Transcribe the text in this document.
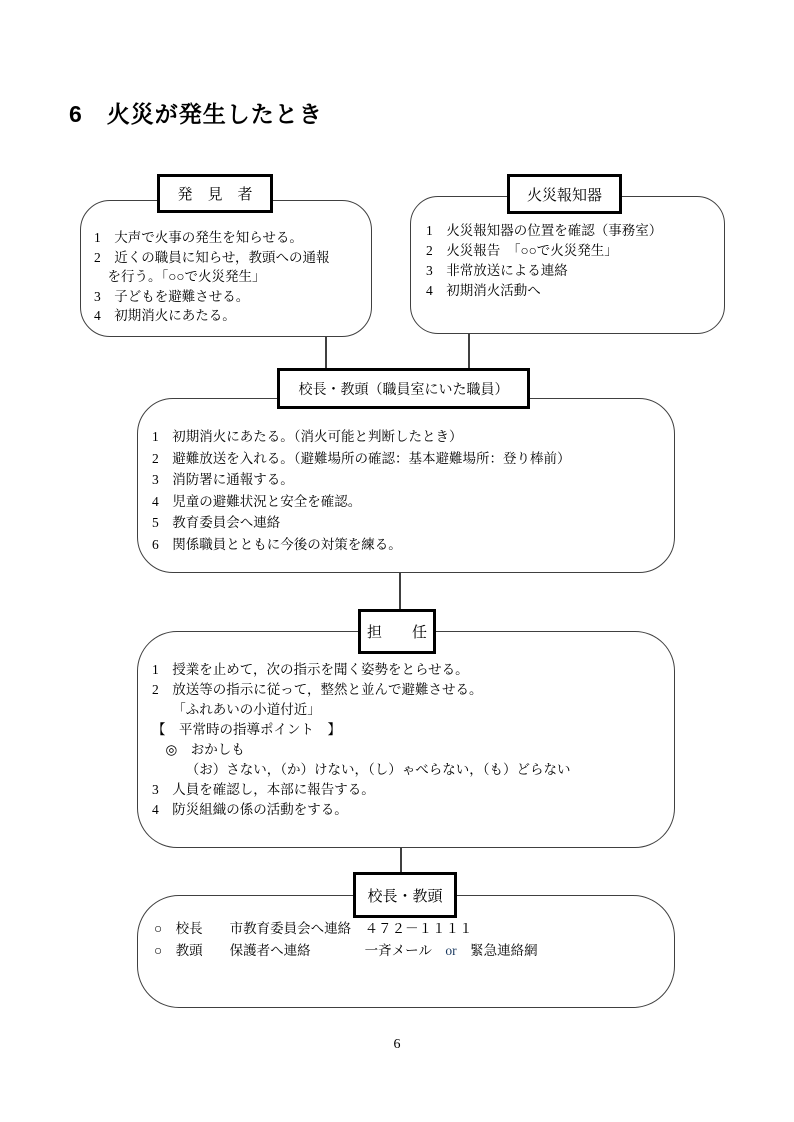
6　火災が発生したとき
1　大声で火事の発生を知らせる。
2　近くの職員に知らせ，教頭への通報
　を行う。「○○で火災発生」
3　子どもを避難させる。
4　初期消火にあたる。
発　見　者
1　火災報知器の位置を確認（事務室）
2　火災報告　「○○で火災発生」
3　非常放送による連絡
4　初期消火活動へ
火災報知器
1　初期消火にあたる。（消火可能と判断したとき）
2　避難放送を入れる。（避難場所の確認：基本避難場所：登り棒前）
3　消防署に通報する。
4　児童の避難状況と安全を確認。
5　教育委員会へ連絡
6　関係職員とともに今後の対策を練る。
校長・教頭（職員室にいた職員）
1　授業を止めて，次の指示を聞く姿勢をとらせる。
2　放送等の指示に従って，整然と並んで避難させる。
　　「ふれあいの小道付近」
【　平常時の指導ポイント　】
　◎　おかしも
　　　（お）さない，（か）けない，（し）ゃべらない，（も）どらない
3　人員を確認し，本部に報告する。
4　防災組織の係の活動をする。
担　　任
○　校長　　市教育委員会へ連絡　４７２－１１１１
○　教頭　　保護者へ連絡　　　　一斉メール　or　緊急連絡網
校長・教頭
6
